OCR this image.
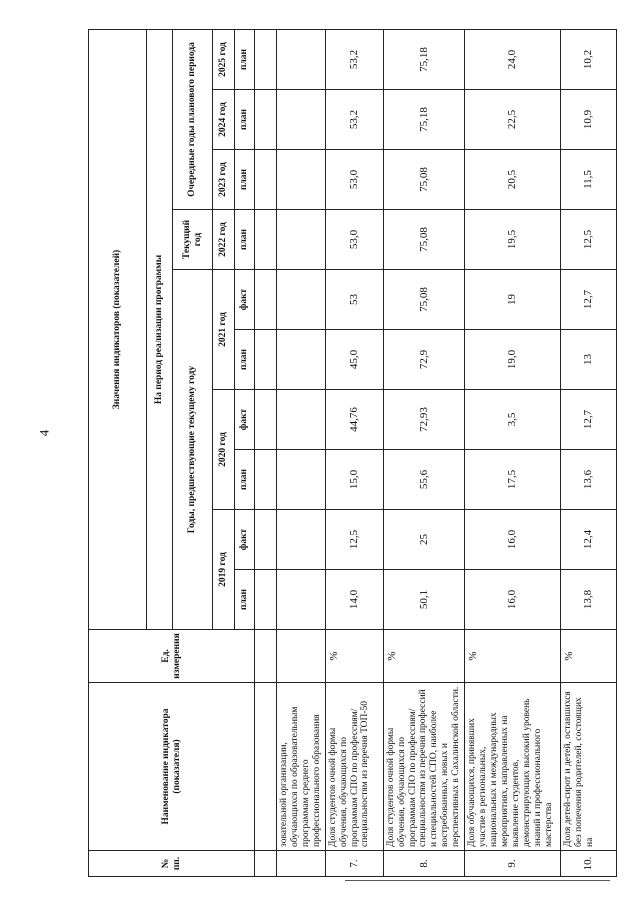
4
№ пп.	Наименование индикатора (показателя)	Ед. измерения	Значения индикаторов (показателей)									
			На период реализации программы									
			Годы, предшествующие текущему году						Текущий год	Очередные годы планового периода		
			2019 год		2020 год		2021 год		2022 год	2023 год	2024 год	2025 год
			план	факт	план	факт	план	факт	план	план	план	план

	зовательной организации, обучающихся по образовательным программам среднего профессионального образования											
7.	Доля студентов очной формы обучения, обучающихся по программам СПО по профессиям/специальностям из перечня ТОП-50	%	14,0	12,5	15,0	44,76	45,0	53	53,0	53,0	53,2	53,2
8.	Доля студентов очной формы обучения, обучающихся по программам СПО по профессиям/специальностям из перечня профессий и специальностей СПО, наиболее востребованных, новых и перспективных в Сахалинской области.	%	50,1	25	55,6	72,93	72,9	75,08	75,08	75,08	75,18	75,18
9.	Доля обучающихся, принявших участие в региональных, национальных и международных мероприятиях, направленных на выявление студентов, демонстрирующих высокий уровень знаний и профессионального мастерства	%	16,0	16,0	17,5	3,5	19,0	19	19,5	20,5	22,5	24,0
10.	Доля детей-сирот и детей, оставшихся без попечения родителей, состоящих на	%	13,8	12,4	13,6	12,7	13	12,7	12,5	11,5	10,9	10,2
